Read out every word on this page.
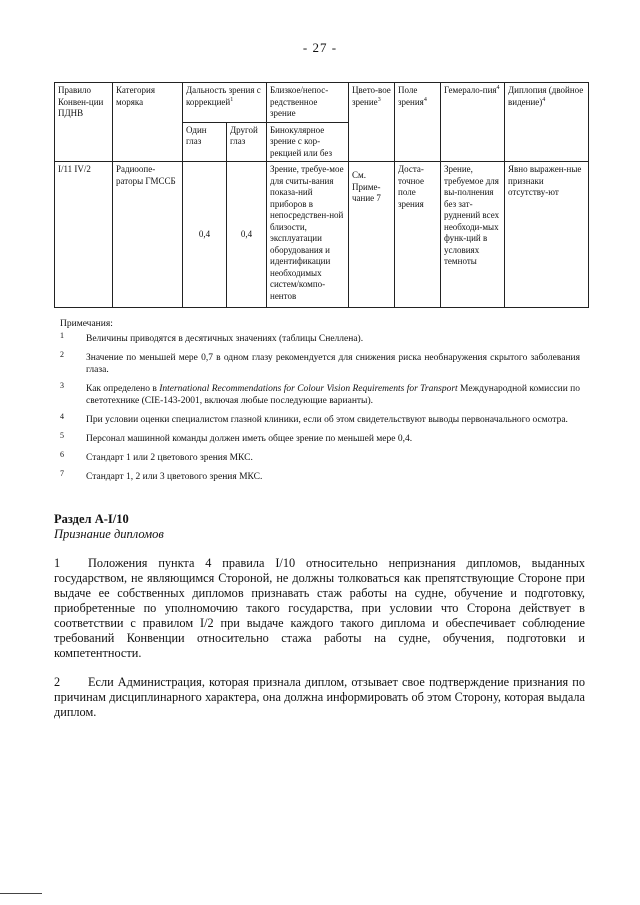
- 27 -
Правило Конвен-ции ПДНВ	Категория моряка	Дальность зрения с коррекцией$^1$		Близкое/непос-редственное зрение	Цвето-вое зрение$^3$	Поле зрения$^4$	Гемерало-пия$^4$	Диплопия (двойное видение)$^4$
		Один глаз	Другой глаз	Бинокулярное зрение с кор-рекцией или без				
I/11 IV/2	Радиоопе-раторы ГМССБ	0,4	0,4	Зрение, требуе-мое для считы-вания показа-ний приборов в непосредствен-ной близости, эксплуатации оборудования и идентификации необходимых систем/компо-нентов	См. Приме-чание 7	Доста-точное поле зрения	Зрение, требуемое для вы-полнения без зат-руднений всех необходи-мых функ-ций в условиях темноты	Явно выражен-ные признаки отсутству-ют
Примечания:
1 Величины приводятся в десятичных значениях (таблицы Снеллена).
2 Значение по меньшей мере 0,7 в одном глазу рекомендуется для снижения риска необнаружения скрытого заболевания глаза.
3 Как определено в International Recommendations for Colour Vision Requirements for Transport Международной комиссии по светотехнике (CIE-143-2001, включая любые последующие варианты).
4 При условии оценки специалистом глазной клиники, если об этом свидетельствуют выводы первоначального осмотра.
5 Персонал машинной команды должен иметь общее зрение по меньшей мере 0,4.
6 Стандарт 1 или 2 цветового зрения МКС.
7 Стандарт 1, 2 или 3 цветового зрения МКС.
Раздел A-I/10
Признание дипломов
1 Положения пункта 4 правила I/10 относительно непризнания дипломов, выданных государством, не являющимся Стороной, не должны толковаться как препятствующие Стороне при выдаче ее собственных дипломов признавать стаж работы на судне, обучение и подготовку, приобретенные по уполномочию такого государства, при условии что Сторона действует в соответствии с правилом I/2 при выдаче каждого такого диплома и обеспечивает соблюдение требований Конвенции относительно стажа работы на судне, обучения, подготовки и компетентности.
2 Если Администрация, которая признала диплом, отзывает свое подтверждение признания по причинам дисциплинарного характера, она должна информировать об этом Сторону, которая выдала диплом.
